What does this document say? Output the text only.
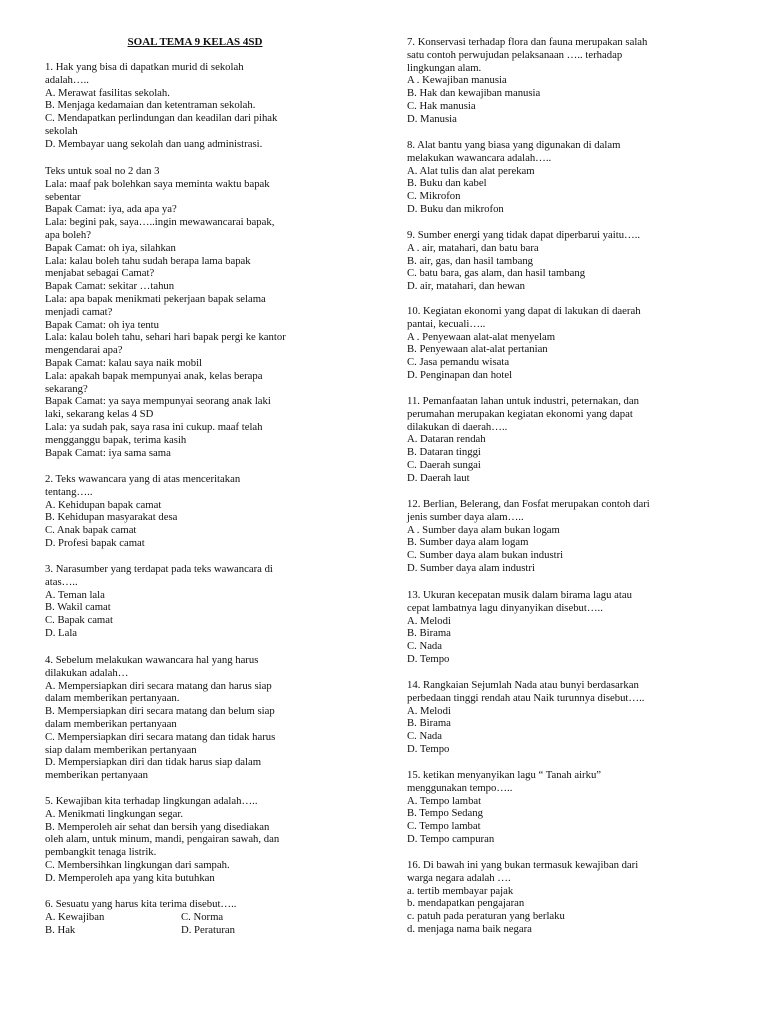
SOAL TEMA 9 KELAS 4SD
1. Hak yang bisa di dapatkan murid di sekolah
adalah…..
A. Merawat fasilitas sekolah.
B. Menjaga kedamaian dan ketentraman sekolah.
C. Mendapatkan perlindungan dan keadilan dari pihak
sekolah
D. Membayar uang sekolah dan uang administrasi.
Teks untuk soal no 2 dan 3
Lala: maaf pak bolehkan saya meminta waktu bapak
sebentar
Bapak Camat: iya, ada apa ya?
Lala: begini pak, saya…..ingin mewawancarai bapak,
apa boleh?
Bapak Camat: oh iya, silahkan
Lala: kalau boleh tahu sudah berapa lama bapak
menjabat sebagai Camat?
Bapak Camat: sekitar …tahun
Lala: apa bapak menikmati pekerjaan bapak selama
menjadi camat?
Bapak Camat: oh iya tentu
Lala: kalau boleh tahu, sehari hari bapak pergi ke kantor
mengendarai apa?
Bapak Camat: kalau saya naik mobil
Lala: apakah bapak mempunyai anak, kelas berapa
sekarang?
Bapak Camat: ya saya mempunyai seorang anak laki
laki, sekarang kelas 4 SD
Lala: ya sudah pak, saya rasa ini cukup. maaf telah
mengganggu bapak, terima kasih
Bapak Camat: iya sama sama
2. Teks wawancara yang di atas menceritakan
tentang…..
A. Kehidupan bapak camat
B. Kehidupan masyarakat desa
C. Anak bapak camat
D. Profesi bapak camat
3. Narasumber yang terdapat pada teks wawancara di
atas…..
A. Teman lala
B. Wakil camat
C. Bapak camat
D. Lala
4. Sebelum melakukan wawancara hal yang harus
dilakukan adalah…
A. Mempersiapkan diri secara matang dan harus siap
dalam memberikan pertanyaan.
B. Mempersiapkan diri secara matang dan belum siap
dalam memberikan pertanyaan
C. Mempersiapkan diri secara matang dan tidak harus
siap dalam memberikan pertanyaan
D. Mempersiapkan diri dan tidak harus siap dalam
memberikan pertanyaan
5. Kewajiban kita terhadap lingkungan adalah…..
A. Menikmati lingkungan segar.
B. Memperoleh air sehat dan bersih yang disediakan
oleh alam, untuk minum, mandi, pengairan sawah, dan
pembangkit tenaga listrik.
C. Membersihkan lingkungan dari sampah.
D. Memperoleh apa yang kita butuhkan
6. Sesuatu yang harus kita terima disebut…..
A. Kewajiban	C. Norma
B. Hak	D. Peraturan
7. Konservasi terhadap flora dan fauna merupakan salah
satu contoh perwujudan pelaksanaan ….. terhadap
lingkungan alam.
A . Kewajiban manusia
B. Hak dan kewajiban manusia
C. Hak manusia
D. Manusia
8. Alat bantu yang biasa yang digunakan di dalam
melakukan wawancara adalah…..
A. Alat tulis dan alat perekam
B. Buku dan kabel
C. Mikrofon
D. Buku dan mikrofon
9. Sumber energi yang tidak dapat diperbarui yaitu…..
A . air, matahari, dan batu bara
B. air, gas, dan hasil tambang
C. batu bara, gas alam, dan hasil tambang
D. air, matahari, dan hewan
10. Kegiatan ekonomi yang dapat di lakukan di daerah
pantai, kecuali…..
A . Penyewaan alat-alat menyelam
B. Penyewaan alat-alat pertanian
C. Jasa pemandu wisata
D. Penginapan dan hotel
11. Pemanfaatan lahan untuk industri, peternakan, dan
perumahan merupakan kegiatan ekonomi yang dapat
dilakukan di daerah…..
A. Dataran rendah
B. Dataran tinggi
C. Daerah sungai
D. Daerah laut
12. Berlian, Belerang, dan Fosfat merupakan contoh dari
jenis sumber daya alam…..
A . Sumber daya alam bukan logam
B. Sumber daya alam logam
C. Sumber daya alam bukan industri
D. Sumber daya alam industri
13. Ukuran kecepatan musik dalam birama lagu atau
cepat lambatnya lagu dinyanyikan disebut…..
A. Melodi
B. Birama
C. Nada
D. Tempo
14. Rangkaian Sejumlah Nada atau bunyi berdasarkan
perbedaan tinggi rendah atau Naik turunnya disebut…..
A. Melodi
B. Birama
C. Nada
D. Tempo
15. ketikan menyanyikan lagu “ Tanah airku”
menggunakan tempo…..
A. Tempo lambat
B. Tempo Sedang
C. Tempo lambat
D. Tempo campuran
16. Di bawah ini yang bukan termasuk kewajiban dari
warga negara adalah ….
a. tertib membayar pajak
b. mendapatkan pengajaran
c. patuh pada peraturan yang berlaku
d. menjaga nama baik negara
